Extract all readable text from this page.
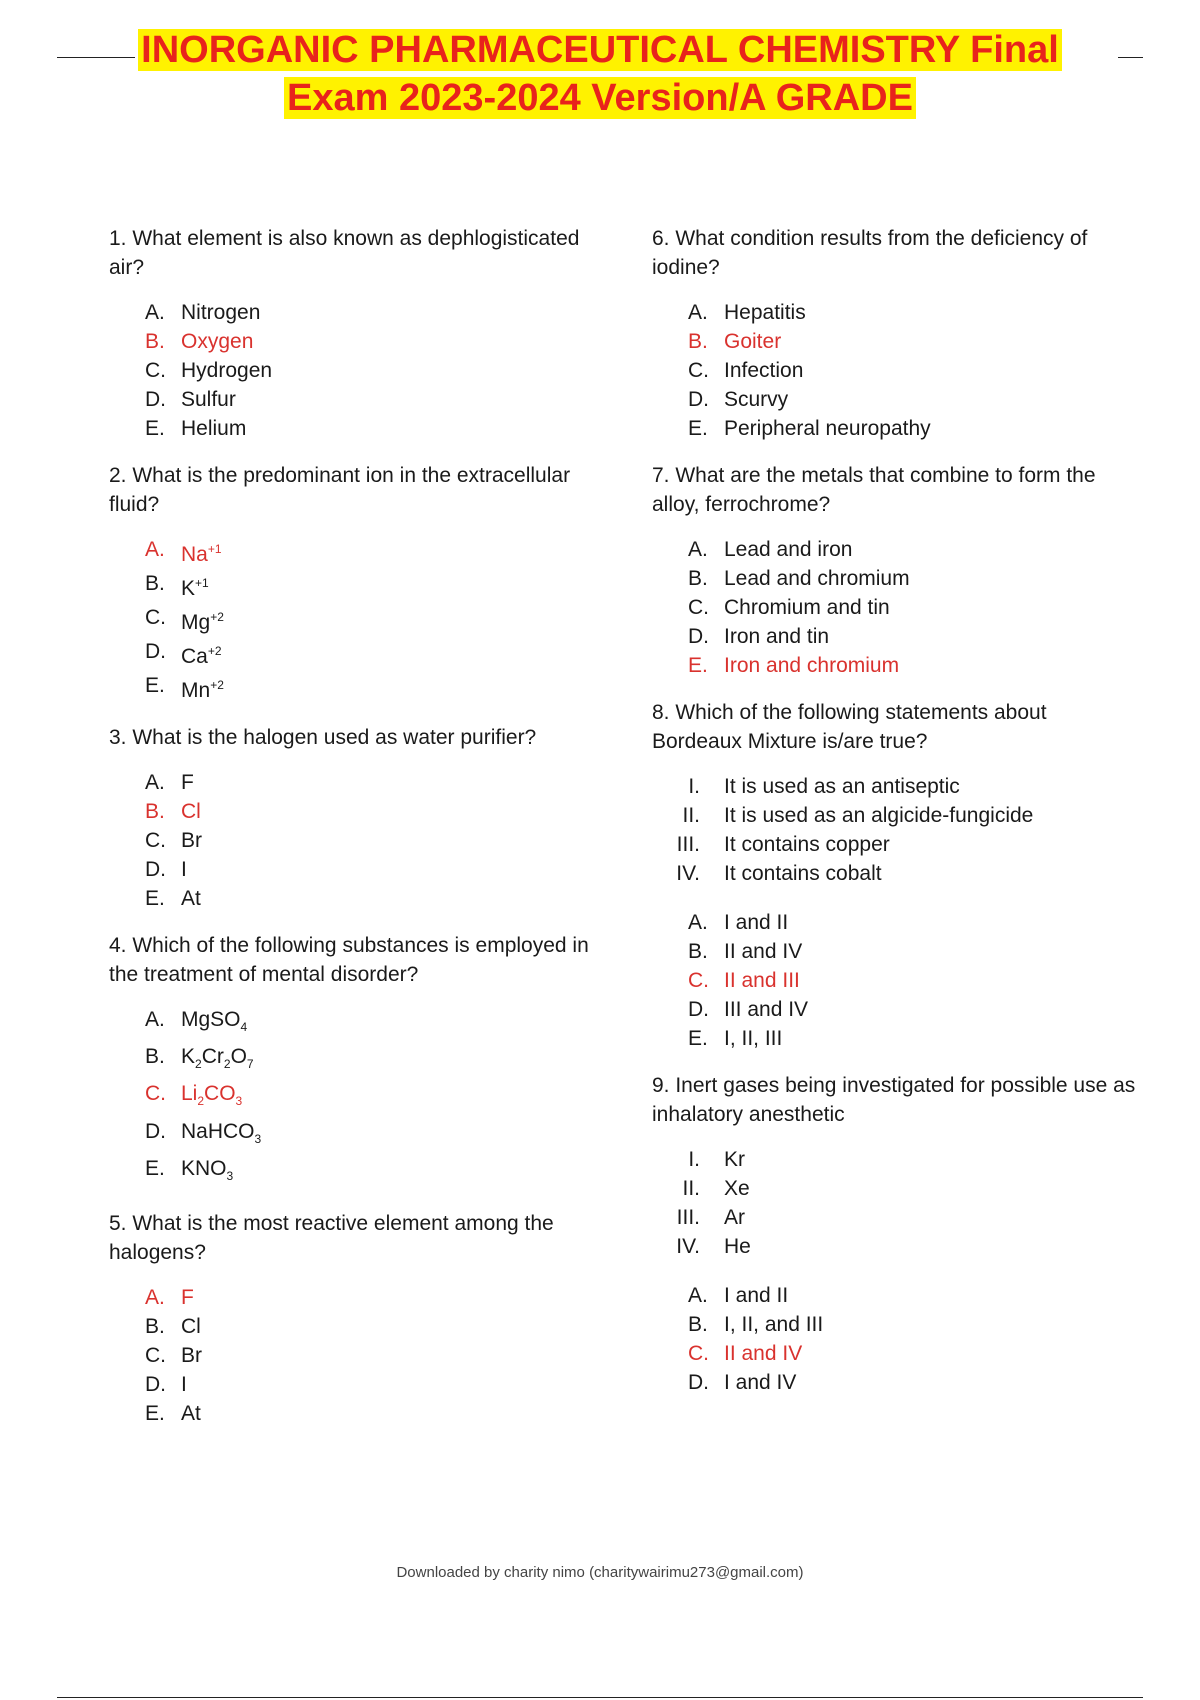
INORGANIC PHARMACEUTICAL CHEMISTRY Final
Exam 2023-2024 Version/A GRADE
1. What element is also known as dephlogisticated air?
A. Nitrogen
B. Oxygen
C. Hydrogen
D. Sulfur
E. Helium
2. What is the predominant ion in the extracellular fluid?
A. $Na^{+1}$
B. $K^{+1}$
C. $Mg^{+2}$
D. $Ca^{+2}$
E. $Mn^{+2}$
3. What is the halogen used as water purifier?
A. F
B. Cl
C. Br
D. I
E. At
4. Which of the following substances is employed in the treatment of mental disorder?
A. MgSO$_4$
B. $K_2Cr_2O_7$
C. $Li_2CO_3$
D. NaHCO$_3$
E. $KNO_3$
5. What is the most reactive element among the halogens?
A. F
B. Cl
C. Br
D. I
E. At
6. What condition results from the deficiency of iodine?
A. Hepatitis
B. Goiter
C. Infection
D. Scurvy
E. Peripheral neuropathy
7. What are the metals that combine to form the alloy, ferrochrome?
A. Lead and iron
B. Lead and chromium
C. Chromium and tin
D. Iron and tin
E. Iron and chromium
8. Which of the following statements about Bordeaux Mixture is/are true?
I. It is used as an antiseptic
II. It is used as an algicide-fungicide
III. It contains copper
IV. It contains cobalt
A. I and II
B. II and IV
C. II and III
D. III and IV
E. I, II, III
9. Inert gases being investigated for possible use as inhalatory anesthetic
I. Kr
II. Xe
III. Ar
IV. He
A. I and II
B. I, II, and III
C. II and IV
D. I and IV
Downloaded by charity nimo (charitywairimu273@gmail.com)
